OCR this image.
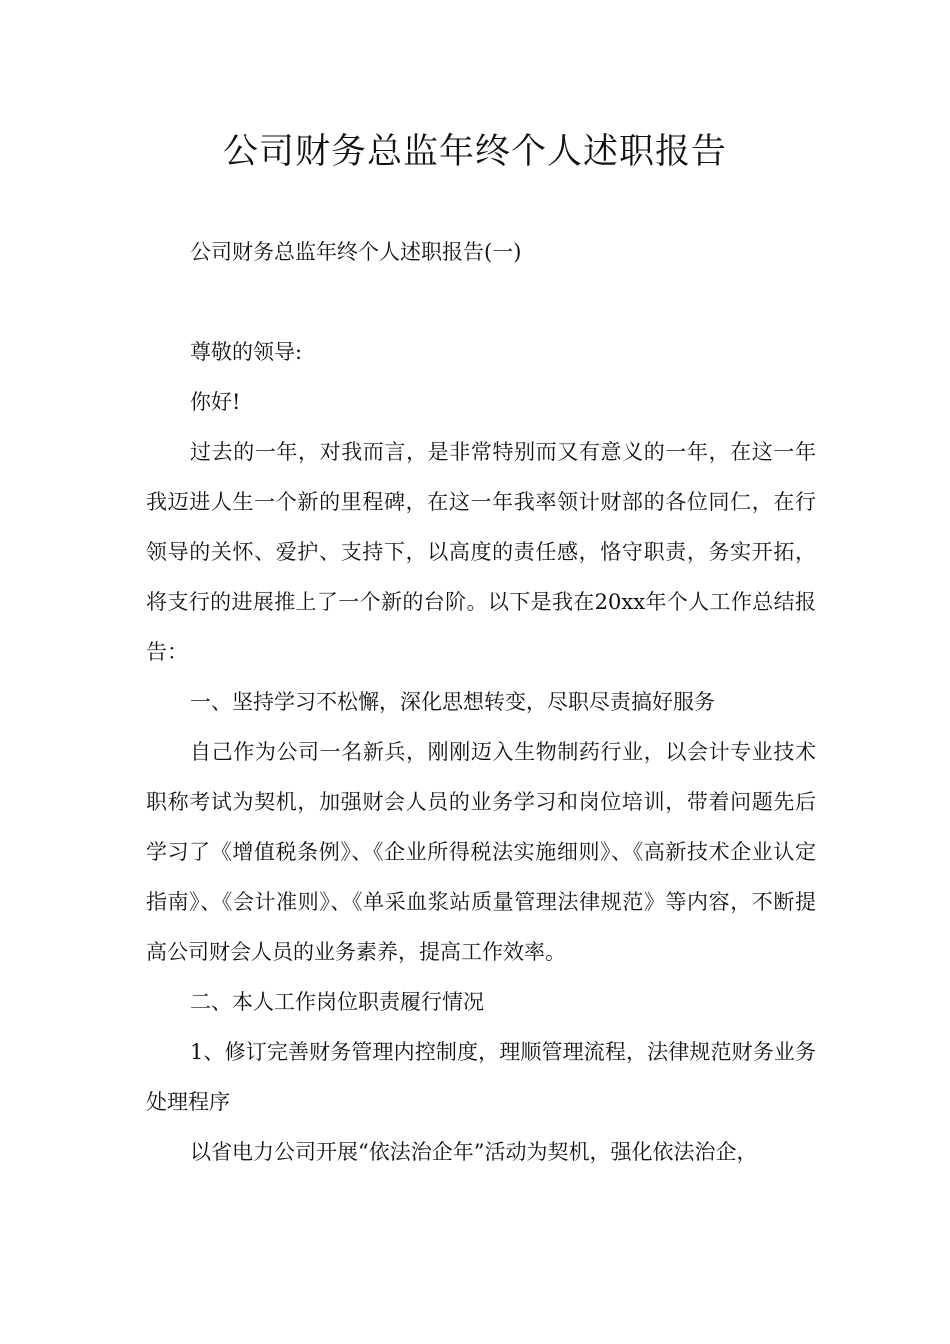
公司财务总监年终个人述职报告

公司财务总监年终个人述职报告(一)

尊敬的领导:

你好!

过去的一年，对我而言，是非常特别而又有意义的一年，在这一年我迈进人生一个新的里程碑，在这一年我率领计财部的各位同仁，在行领导的关怀、爱护、支持下，以高度的责任感，恪守职责，务实开拓，将支行的进展推上了一个新的台阶。以下是我在20xx年个人工作总结报告：

一、坚持学习不松懈，深化思想转变，尽职尽责搞好服务

自己作为公司一名新兵，刚刚迈入生物制药行业，以会计专业技术职称考试为契机，加强财会人员的业务学习和岗位培训，带着问题先后学习了《增值税条例》、《企业所得税法实施细则》、《高新技术企业认定指南》、《会计准则》、《单采血浆站质量管理法律规范》等内容，不断提高公司财会人员的业务素养，提高工作效率。

二、本人工作岗位职责履行情况

1、修订完善财务管理内控制度，理顺管理流程，法律规范财务业务处理程序

以省电力公司开展“依法治企年”活动为契机，强化依法治企，
